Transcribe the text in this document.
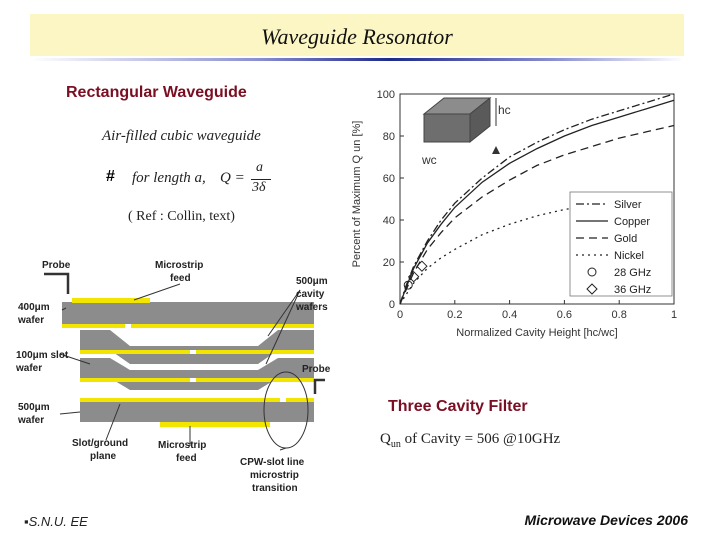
Waveguide Resonator
Rectangular Waveguide
Air-filled cubic waveguide
# for length a, Q =
a
3δ
( Ref : Collin, text)
Probe	Microstrip
feed	500μm
cavity
wafers
400μm
wafer
100μm slot
wafer	Probe
500μm
wafer
Slot/ground
plane
Microstrip
feed	CPW-slot line
microstrip
transition
0	0.2	0.4	0.6	0.8	1
0
20
40
60
80
100
Percent of Maximum Q un [%]
Normalized Cavity Height [hc/wc]
hc
wc
Silver
Copper
Gold
Nickel
28 GHz
36 GHz
Three Cavity Filter
$Q_{un}$ of Cavity = 506 @10GHz
▪S.N.U. EE	Microwave Devices 2006
